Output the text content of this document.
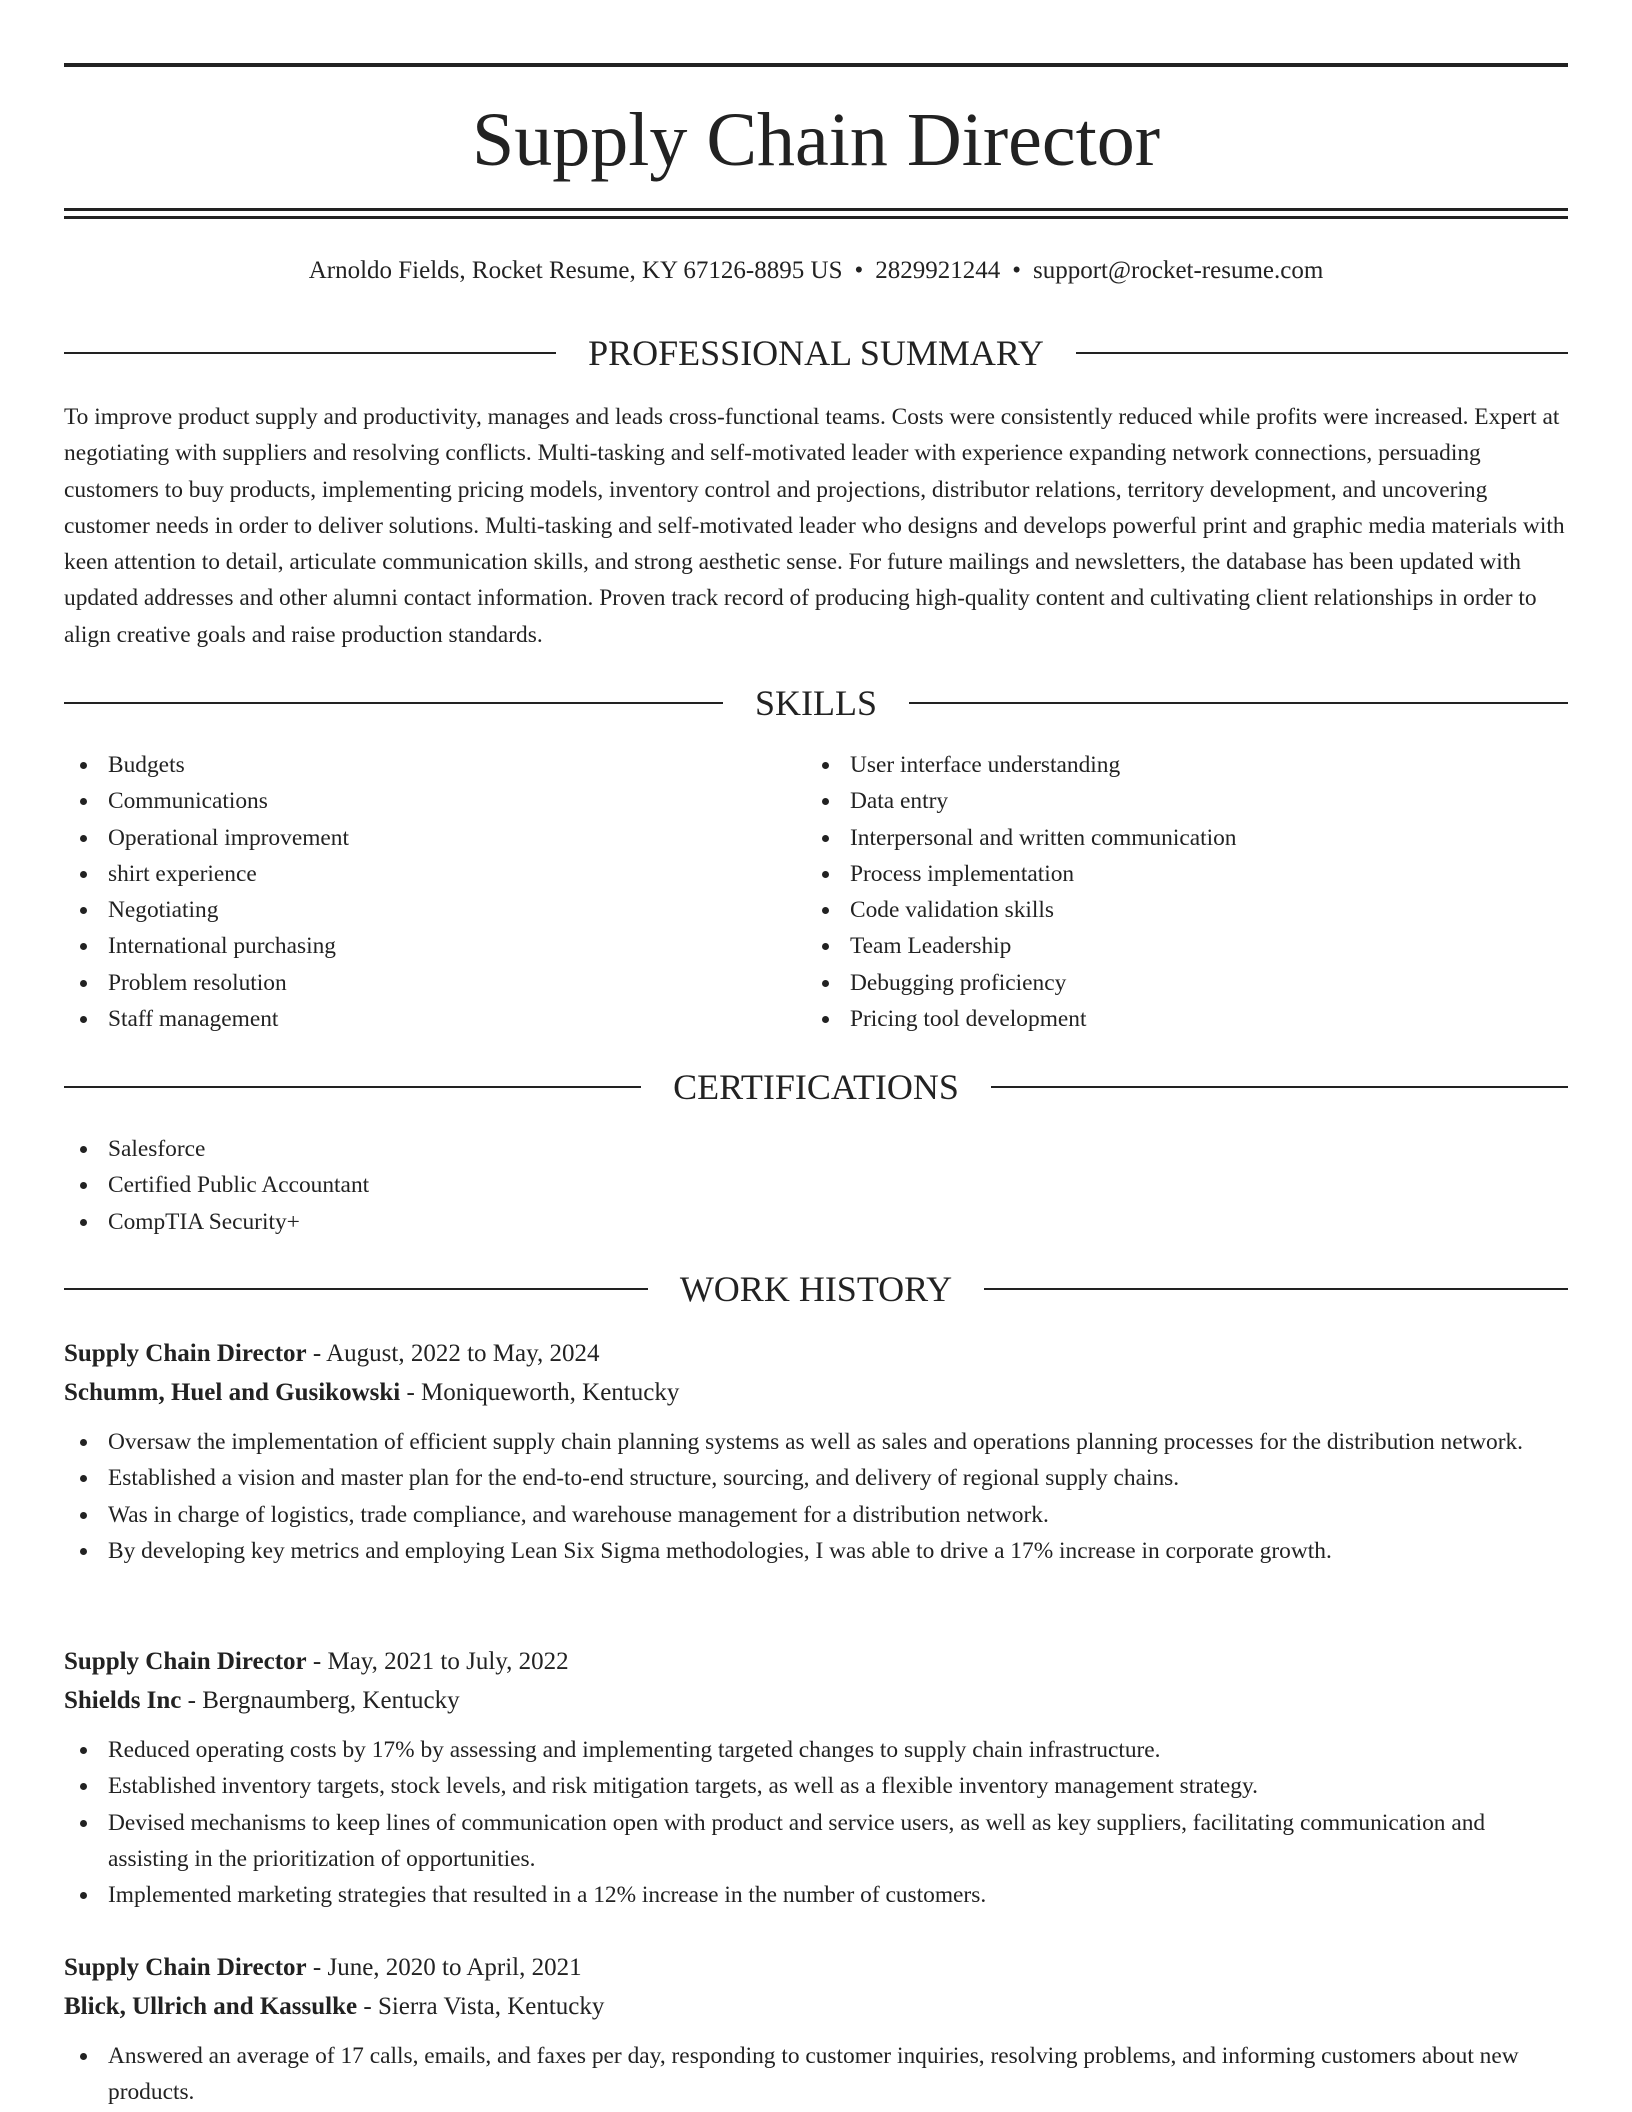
Supply Chain Director
Arnoldo Fields, Rocket Resume, KY 67126-8895 US • 2829921244 • support@rocket-resume.com
PROFESSIONAL SUMMARY

To improve product supply and productivity, manages and leads cross-functional teams. Costs were consistently reduced while profits were increased. Expert at negotiating with suppliers and resolving conflicts. Multi-tasking and self-motivated leader with experience expanding network connections, persuading customers to buy products, implementing pricing models, inventory control and projections, distributor relations, territory development, and uncovering customer needs in order to deliver solutions. Multi-tasking and self-motivated leader who designs and develops powerful print and graphic media materials with keen attention to detail, articulate communication skills, and strong aesthetic sense. For future mailings and newsletters, the database has been updated with updated addresses and other alumni contact information. Proven track record of producing high-quality content and cultivating client relationships in order to align creative goals and raise production standards.

SKILLS
Budgets
Communications
Operational improvement
shirt experience
Negotiating
International purchasing
Problem resolution
Staff management
User interface understanding
Data entry
Interpersonal and written communication
Process implementation
Code validation skills
Team Leadership
Debugging proficiency
Pricing tool development
CERTIFICATIONS
Salesforce
Certified Public Accountant
CompTIA Security+
WORK HISTORY
Supply Chain Director - August, 2022 to May, 2024
Schumm, Huel and Gusikowski - Moniqueworth, Kentucky
Oversaw the implementation of efficient supply chain planning systems as well as sales and operations planning processes for the distribution network.
Established a vision and master plan for the end-to-end structure, sourcing, and delivery of regional supply chains.
Was in charge of logistics, trade compliance, and warehouse management for a distribution network.
By developing key metrics and employing Lean Six Sigma methodologies, I was able to drive a 17% increase in corporate growth.
Supply Chain Director - May, 2021 to July, 2022
Shields Inc - Bergnaumberg, Kentucky
Reduced operating costs by 17% by assessing and implementing targeted changes to supply chain infrastructure.
Established inventory targets, stock levels, and risk mitigation targets, as well as a flexible inventory management strategy.
Devised mechanisms to keep lines of communication open with product and service users, as well as key suppliers, facilitating communication and assisting in the prioritization of opportunities.
Implemented marketing strategies that resulted in a 12% increase in the number of customers.
Supply Chain Director - June, 2020 to April, 2021
Blick, Ullrich and Kassulke - Sierra Vista, Kentucky
Answered an average of 17 calls, emails, and faxes per day, responding to customer inquiries, resolving problems, and informing customers about new products.
